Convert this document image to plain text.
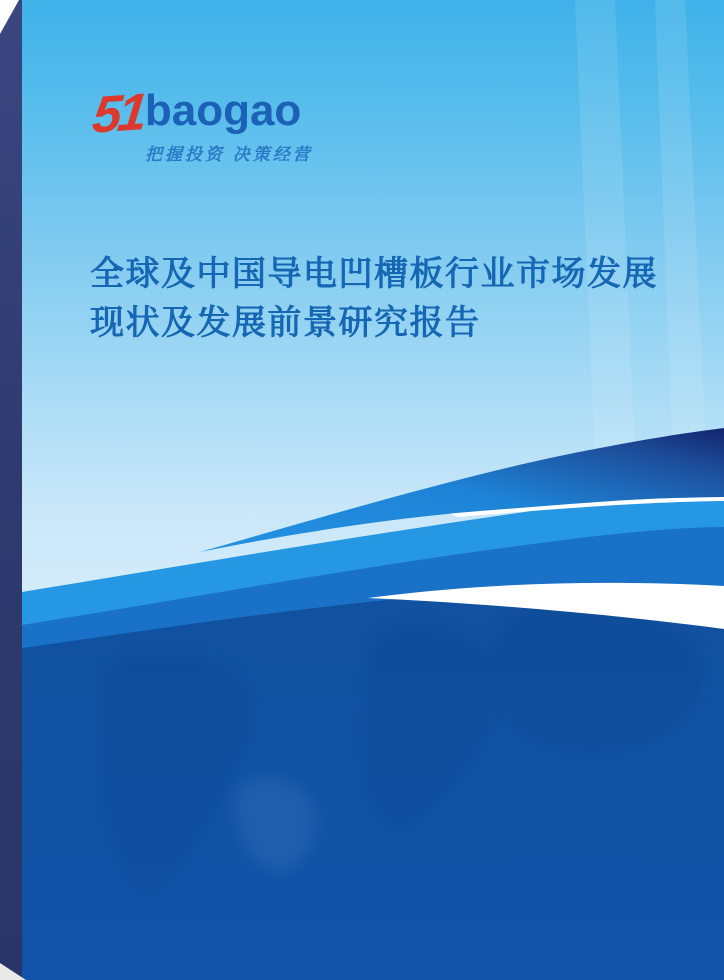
51baogao
把握投资 决策经营
全球及中国导电凹槽板行业市场发展
现状及发展前景研究报告
